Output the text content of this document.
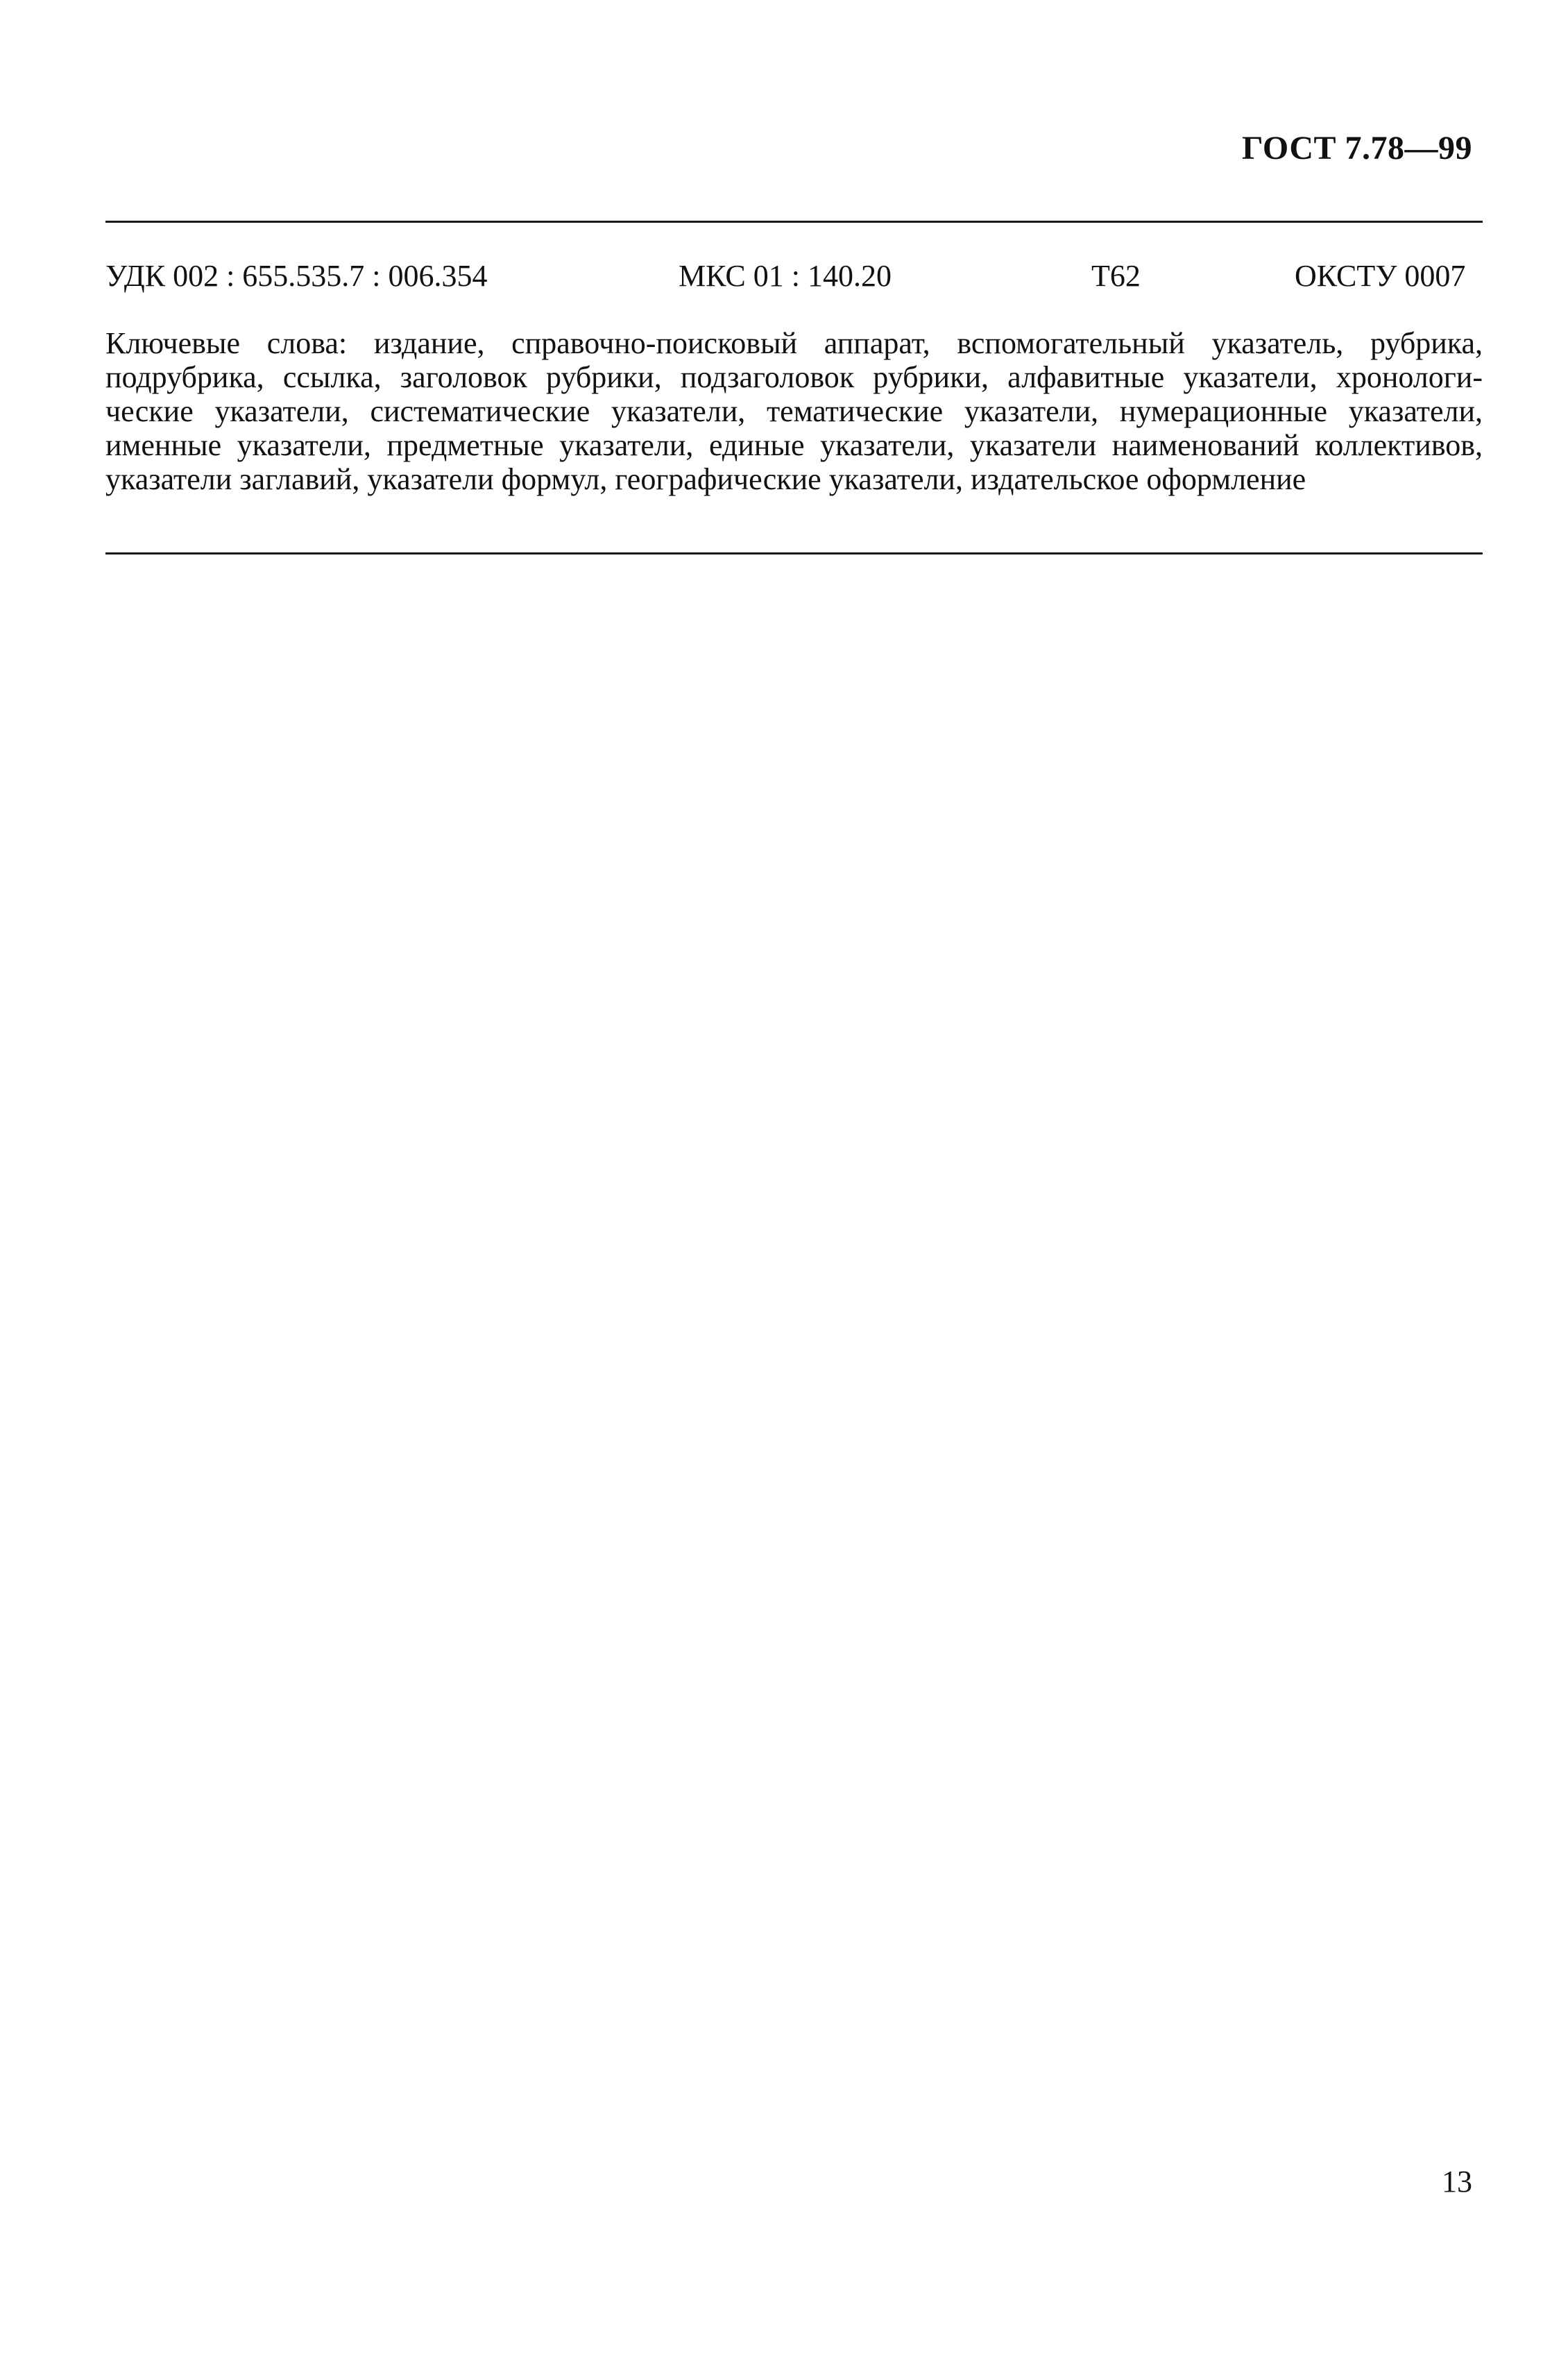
ГОСТ 7.78—99
УДК 002 : 655.535.7 : 006.354	МКС 01 : 140.20	Т62	ОКСТУ 0007
Ключевые слова: издание, справочно-поисковый аппарат, вспомогательный указатель, рубрика,
подрубрика, ссылка, заголовок рубрики, подзаголовок рубрики, алфавитные указатели, хронологи-
ческие указатели, систематические указатели, тематические указатели, нумерационные указатели,
именные указатели, предметные указатели, единые указатели, указатели наименований коллективов,
указатели заглавий, указатели формул, географические указатели, издательское оформление
13
